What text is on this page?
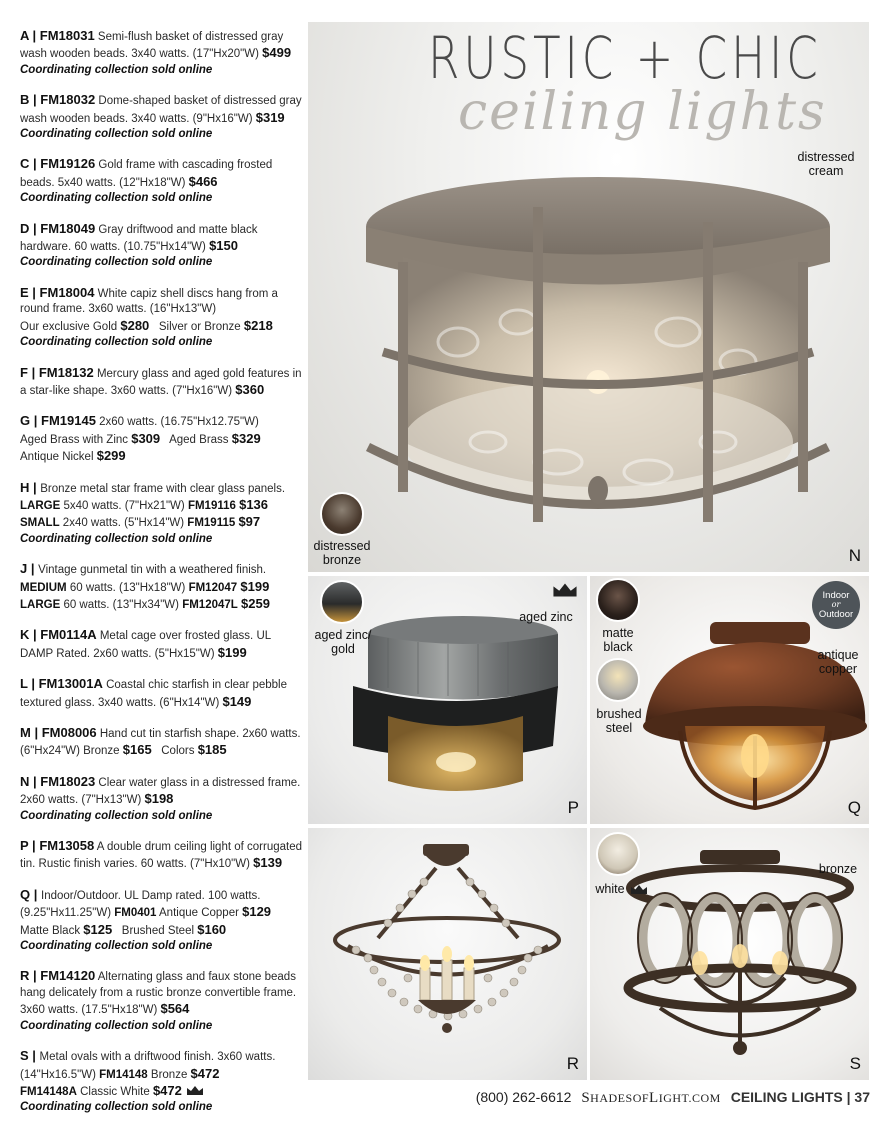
A | FM18031 Semi-flush basket of distressed gray wash wooden beads. 3x40 watts. (17"Hx20"W) $499
Coordinating collection sold online
B | FM18032 Dome-shaped basket of distressed gray wash wooden beads. 3x40 watts. (9"Hx16"W) $319
Coordinating collection sold online
C | FM19126 Gold frame with cascading frosted beads. 5x40 watts. (12"Hx18"W) $466
Coordinating collection sold online
D | FM18049 Gray driftwood and matte black hardware. 60 watts. (10.75"Hx14"W) $150
Coordinating collection sold online
E | FM18004 White capiz shell discs hang from a round frame. 3x60 watts. (16"Hx13"W)
Our exclusive Gold $280   Silver or Bronze $218
Coordinating collection sold online
F | FM18132 Mercury glass and aged gold features in a star-like shape. 3x60 watts. (7"Hx16"W) $360
G | FM19145 2x60 watts. (16.75"Hx12.75"W)
Aged Brass with Zinc $309   Aged Brass $329
Antique Nickel $299
H | Bronze metal star frame with clear glass panels.
LARGE 5x40 watts. (7"Hx21"W) FM19116 $136
SMALL 2x40 watts. (5"Hx14"W) FM19115 $97
Coordinating collection sold online
J | Vintage gunmetal tin with a weathered finish.
MEDIUM 60 watts. (13"Hx18"W) FM12047 $199
LARGE 60 watts. (13"Hx34"W) FM12047L $259
K | FM0114A Metal cage over frosted glass. UL DAMP Rated. 2x60 watts. (5"Hx15"W) $199
L | FM13001A Coastal chic starfish in clear pebble textured glass. 3x40 watts. (6"Hx14"W) $149
M | FM08006 Hand cut tin starfish shape. 2x60 watts. (6"Hx24"W) Bronze $165   Colors $185
N | FM18023 Clear water glass in a distressed frame. 2x60 watts. (7"Hx13"W) $198
Coordinating collection sold online
P | FM13058 A double drum ceiling light of corrugated tin. Rustic finish varies. 60 watts. (7"Hx10"W) $139
Q | Indoor/Outdoor. UL Damp rated. 100 watts.
(9.25"Hx11.25"W) FM0401 Antique Copper $129
Matte Black $125   Brushed Steel $160
Coordinating collection sold online
R | FM14120 Alternating glass and faux stone beads hang delicately from a rustic bronze convertible frame. 3x60 watts. (17.5"Hx18"W) $564
Coordinating collection sold online
S | Metal ovals with a driftwood finish. 3x60 watts. (14"Hx16.5"W) FM14148 Bronze $472
FM14148A Classic White $472
Coordinating collection sold online
RUSTIC + CHIC
ceiling lights
distressed cream
distressed bronze	N
aged zinc/ gold
aged zinc
P
matte black
brushed steel
Indoor
or
Outdoor
antique copper
Q
R
white
bronze
S
(800) 262-6612 SHADESOFLIGHT.COM CEILING LIGHTS | 37
